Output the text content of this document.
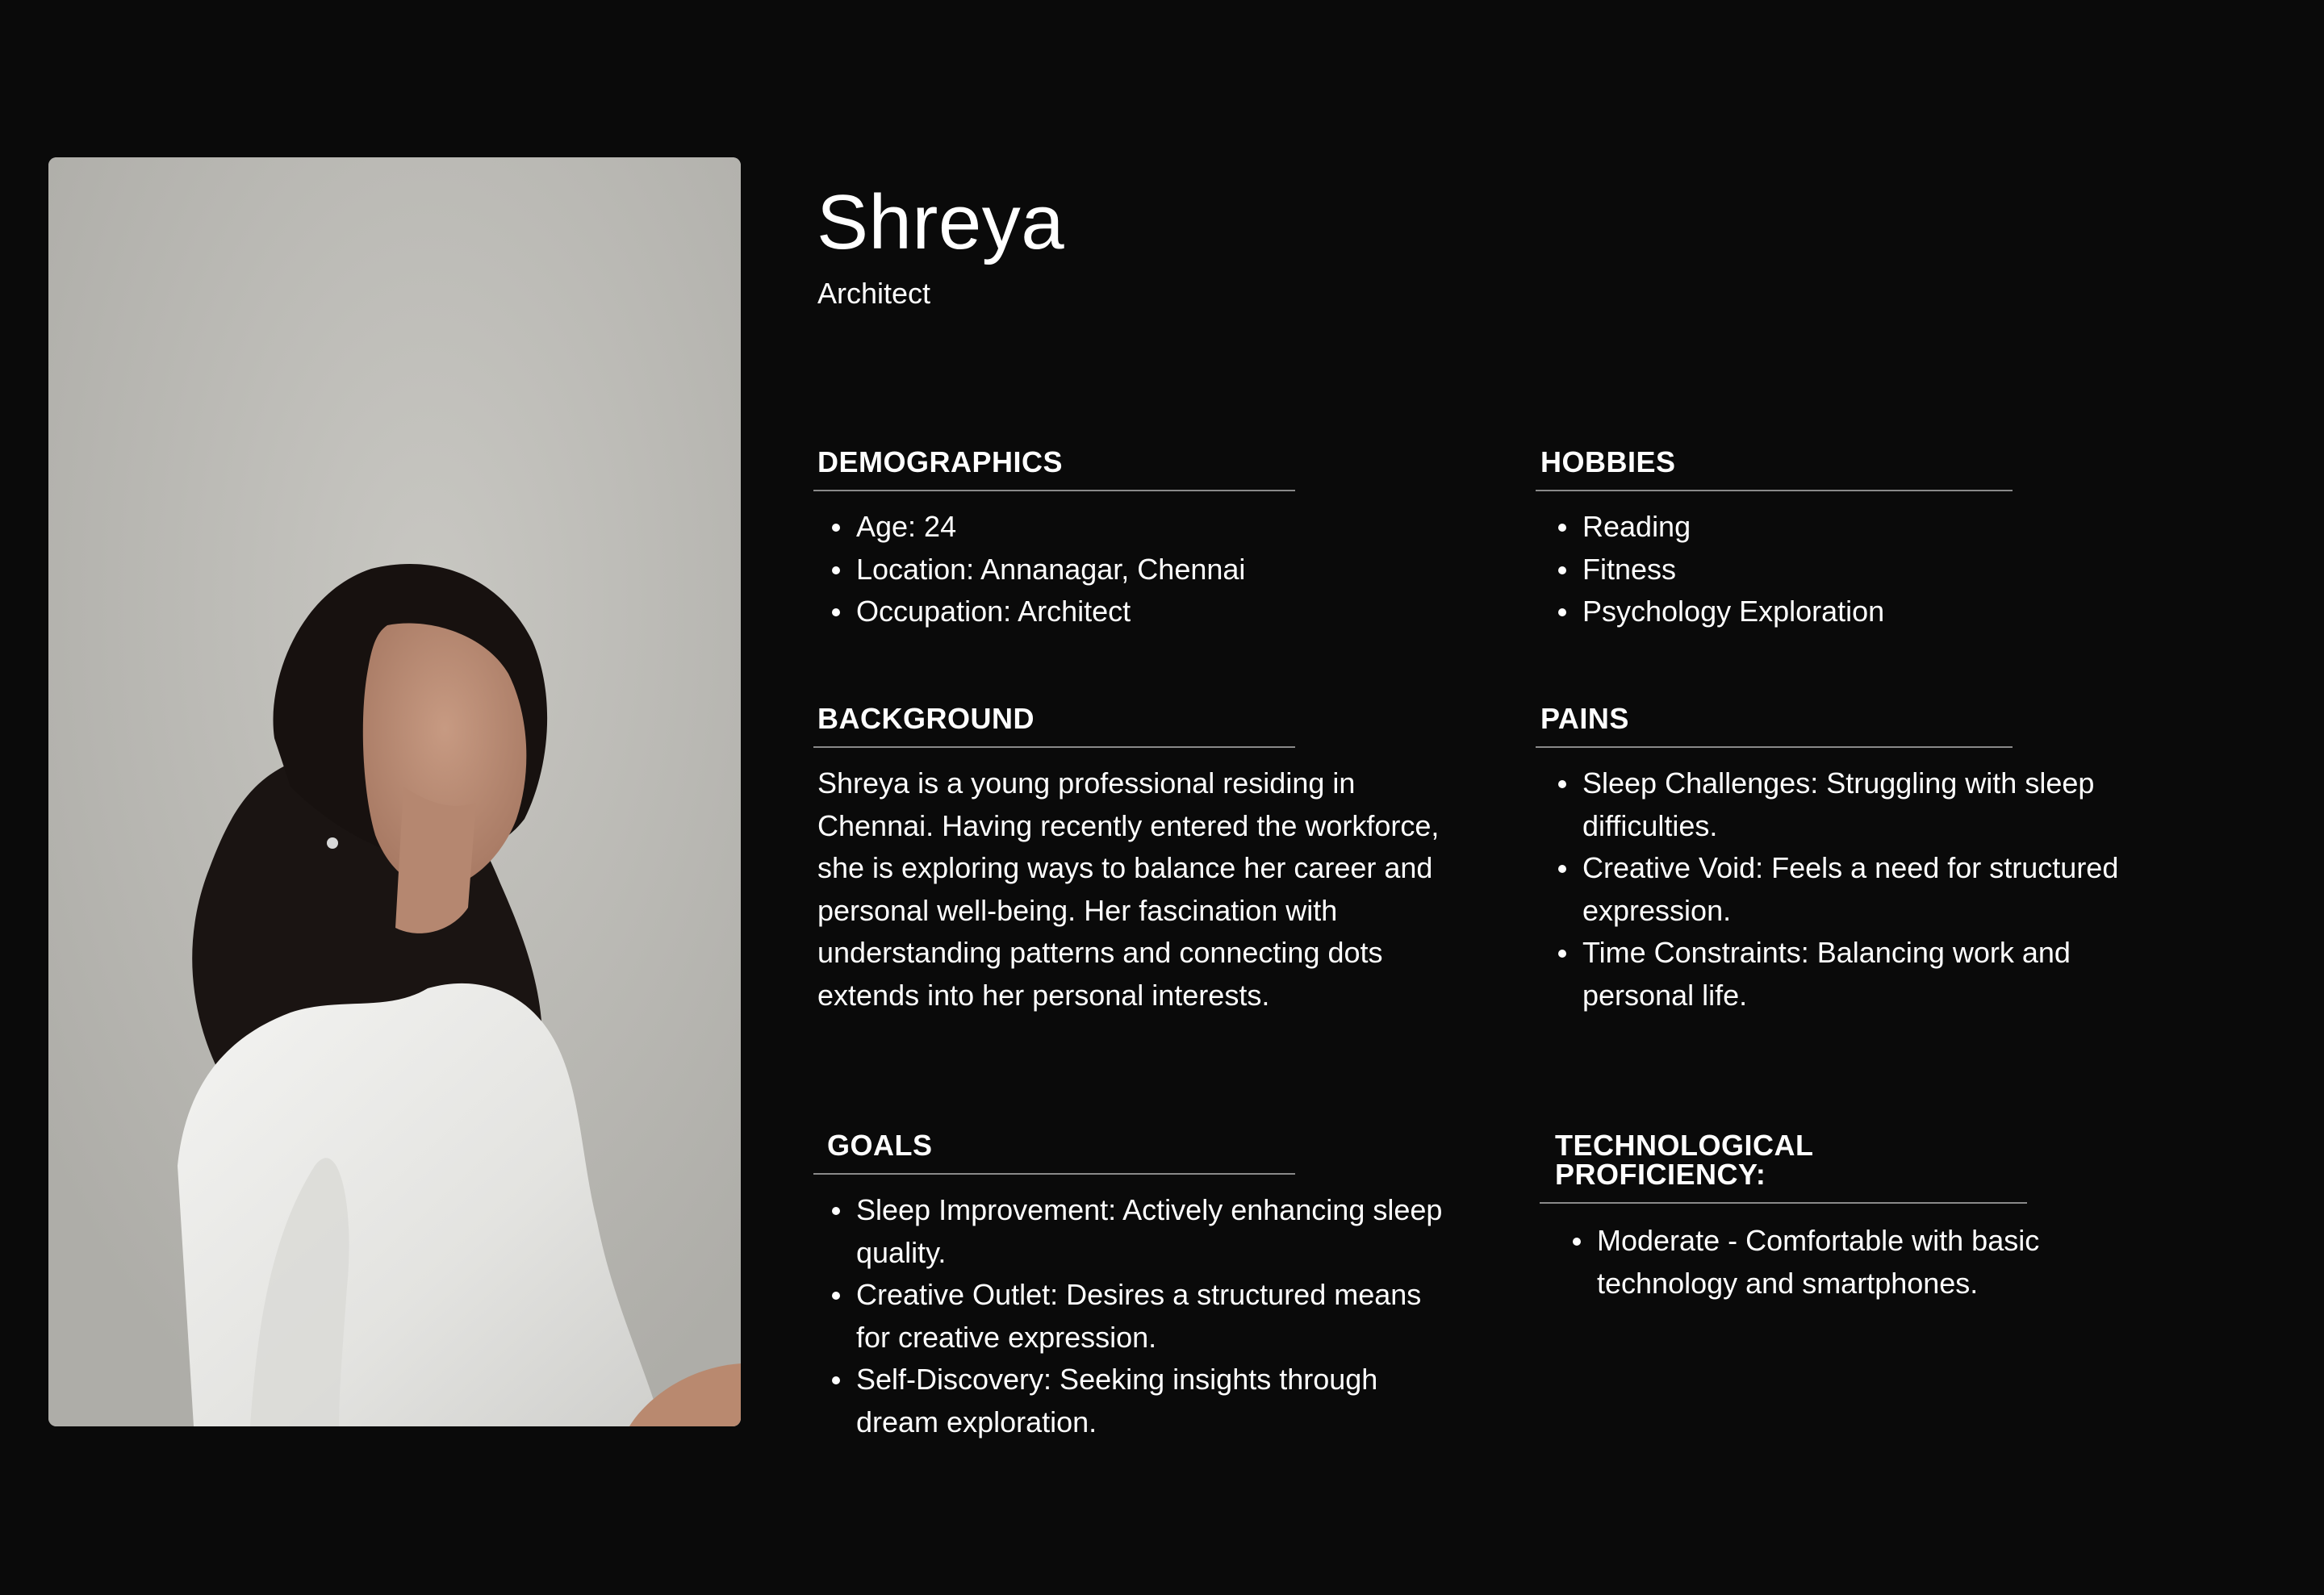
Shreya
Architect
DEMOGRAPHICS
Age: 24
Location: Annanagar, Chennai
Occupation: Architect
BACKGROUND

Shreya is a young professional residing in Chennai. Having recently entered the workforce, she is exploring ways to balance her career and personal well-being. Her fascination with understanding patterns and connecting dots extends into her personal interests.

GOALS
Sleep Improvement: Actively enhancing sleep quality.
Creative Outlet: Desires a structured means for creative expression.
Self-Discovery: Seeking insights through dream exploration.
HOBBIES
Reading
Fitness
Psychology Exploration
PAINS
Sleep Challenges: Struggling with sleep difficulties.
Creative Void: Feels a need for structured expression.
Time Constraints: Balancing work and personal life.
TECHNOLOGICAL PROFICIENCY:
Moderate - Comfortable with basic technology and smartphones.
